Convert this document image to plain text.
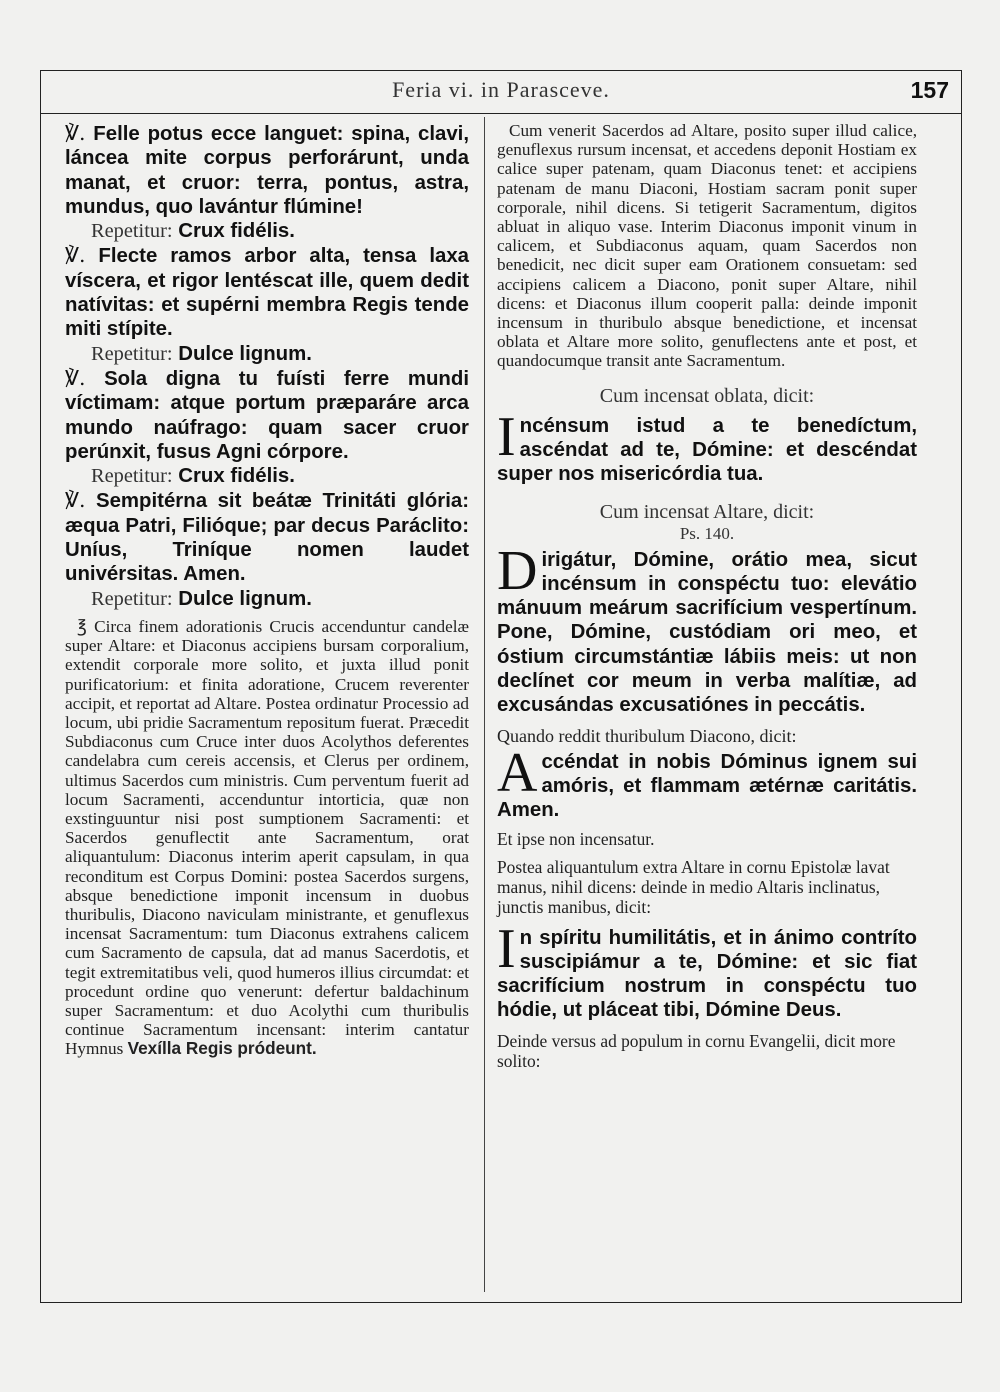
Feria vi. in Parasceve.	157

℣. Felle potus ecce languet: spina, clavi, láncea mite corpus perforárunt, unda manat, et cruor: terra, pontus, astra, mundus, quo lavántur flúmine!

Repetitur: Crux fidélis.

℣. Flecte ramos arbor alta, tensa laxa víscera, et rigor lentéscat ille, quem dedit natívitas: et supérni membra Regis tende miti stípite.

Repetitur: Dulce lignum.

℣. Sola digna tu fuísti ferre mundi víctimam: atque portum præparáre arca mundo naúfrago: quam sacer cruor perúnxit, fusus Agni córpore.

Repetitur: Crux fidélis.

℣. Sempitérna sit beátæ Trinitáti glória: æqua Patri, Filióque; par decus Paráclito: Uníus, Triníque nomen laudet univérsitas. Amen.

Repetitur: Dulce lignum.

℥ Circa finem adorationis Crucis accenduntur candelæ super Altare: et Diaconus accipiens bursam corporalium, extendit corporale more solito, et juxta illud ponit purificatorium: et finita adoratione, Crucem reverenter accipit, et reportat ad Altare. Postea ordinatur Processio ad locum, ubi pridie Sacramentum repositum fuerat. Præcedit Subdiaconus cum Cruce inter duos Acolythos deferentes candelabra cum cereis accensis, et Clerus per ordinem, ultimus Sacerdos cum ministris. Cum perventum fuerit ad locum Sacramenti, accenduntur intorticia, quæ non exstinguuntur nisi post sumptionem Sacramenti: et Sacerdos genuflectit ante Sacramentum, orat aliquantulum: Diaconus interim aperit capsulam, in qua reconditum est Corpus Domini: postea Sacerdos surgens, absque benedictione imponit incensum in duobus thuribulis, Diacono naviculam ministrante, et genuflexus incensat Sacramentum: tum Diaconus extrahens calicem cum Sacramento de capsula, dat ad manus Sacerdotis, et tegit extremitatibus veli, quod humeros illius circumdat: et procedunt ordine quo venerunt: defertur baldachinum super Sacramentum: et duo Acolythi cum thuribulis continue Sacramentum incensant: interim cantatur Hymnus Vexílla Regis pródeunt.

Cum venerit Sacerdos ad Altare, posito super illud calice, genuflexus rursum incensat, et accedens deponit Hostiam ex calice super patenam, quam Diaconus tenet: et accipiens patenam de manu Diaconi, Hostiam sacram ponit super corporale, nihil dicens. Si tetigerit Sacramentum, digitos abluat in aliquo vase. Interim Diaconus imponit vinum in calicem, et Subdiaconus aquam, quam Sacerdos non benedicit, nec dicit super eam Orationem consuetam: sed accipiens calicem a Diacono, ponit super Altare, nihil dicens: et Diaconus illum cooperit palla: deinde imponit incensum in thuribulo absque benedictione, et incensat oblata et Altare more solito, genuflectens ante et post, et quandocumque transit ante Sacramentum.

Cum incensat oblata, dicit:

Incénsum istud a te benedíctum, ascéndat ad te, Dómine: et descéndat super nos misericórdia tua.

Cum incensat Altare, dicit:

Ps. 140.

Dirigátur, Dómine, orátio mea, sicut incénsum in conspéctu tuo: elevátio mánuum meárum sacrifícium vespertínum. Pone, Dómine, custódiam ori meo, et óstium circumstántiæ lábiis meis: ut non declínet cor meum in verba malítiæ, ad excusándas excusatiónes in peccátis.

Quando reddit thuribulum Diacono, dicit:

Accéndat in nobis Dóminus ignem sui amóris, et flammam ætérnæ caritátis. Amen.

Et ipse non incensatur.

Postea aliquantulum extra Altare in cornu Epistolæ lavat manus, nihil dicens: deinde in medio Altaris inclinatus, junctis manibus, dicit:

In spíritu humilitátis, et in ánimo contríto suscipiámur a te, Dómine: et sic fiat sacrifícium nostrum in conspéctu tuo hódie, ut pláceat tibi, Dómine Deus.

Deinde versus ad populum in cornu Evangelii, dicit more solito:
